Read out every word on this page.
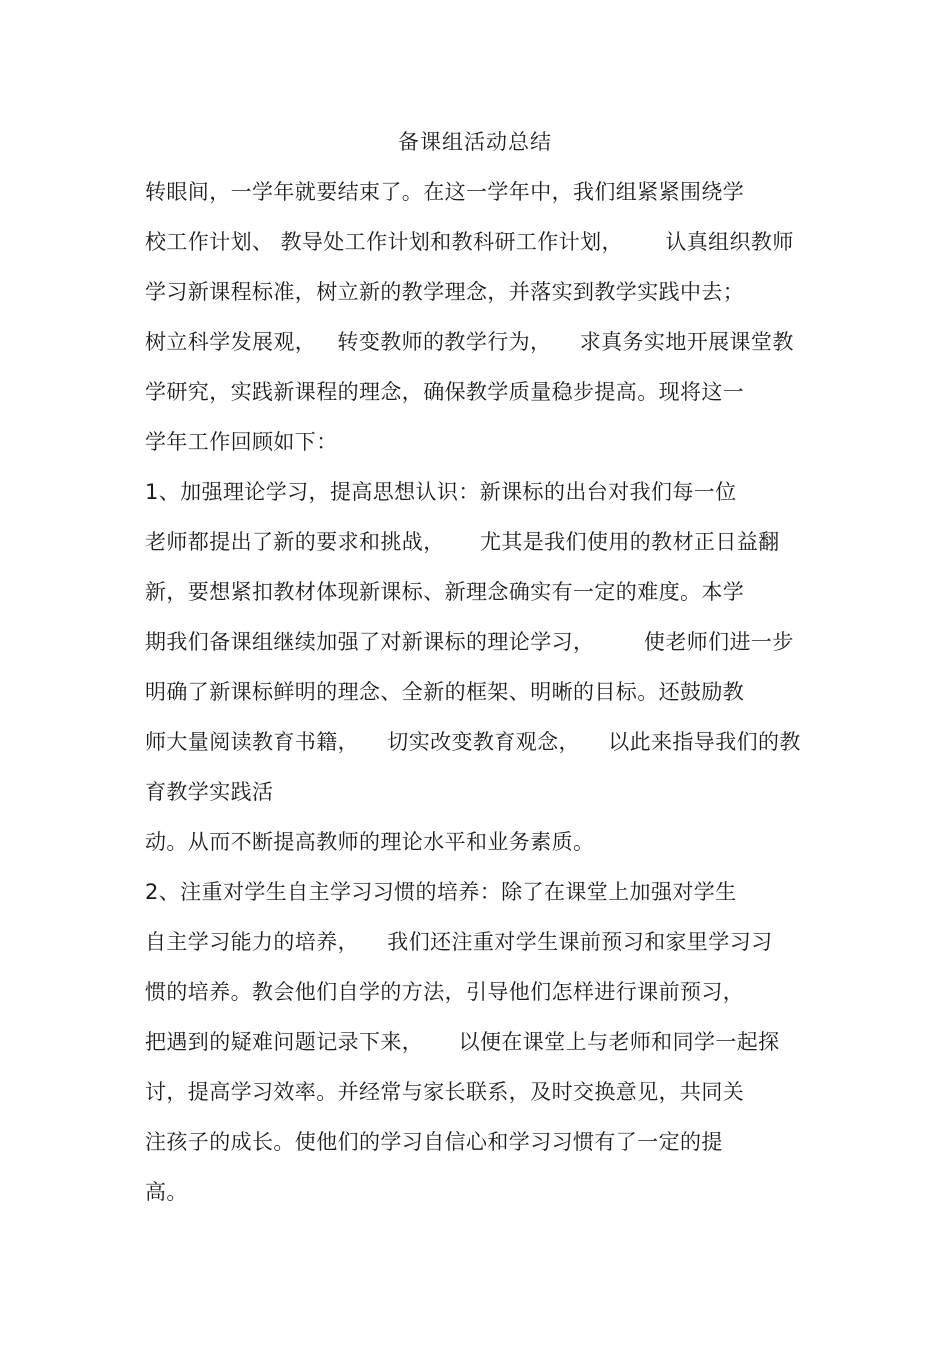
备课组活动总结
转眼间，一学年就要结束了。在这一学年中，我们组紧紧围绕学
校工作计划、 教导处工作计划和教科研工作计划，      认真组织教师
学习新课程标准，树立新的教学理念，并落实到教学实践中去；
树立科学发展观，   转变教师的教学行为，    求真务实地开展课堂教
学研究，实践新课程的理念，确保教学质量稳步提高。现将这一
学年工作回顾如下：
1、加强理论学习，提高思想认识：新课标的出台对我们每一位
老师都提出了新的要求和挑战，     尤其是我们使用的教材正日益翻
新，要想紧扣教材体现新课标、新理念确实有一定的难度。本学
期我们备课组继续加强了对新课标的理论学习，       使老师们进一步
明确了新课标鲜明的理念、全新的框架、明晰的目标。还鼓励教
师大量阅读教育书籍，    切实改变教育观念，    以此来指导我们的教
育教学实践活
动。从而不断提高教师的理论水平和业务素质。
2、注重对学生自主学习习惯的培养：除了在课堂上加强对学生
自主学习能力的培养，    我们还注重对学生课前预习和家里学习习
惯的培养。教会他们自学的方法，引导他们怎样进行课前预习，
把遇到的疑难问题记录下来，     以便在课堂上与老师和同学一起探
讨，提高学习效率。并经常与家长联系，及时交换意见，共同关
注孩子的成长。使他们的学习自信心和学习习惯有了一定的提
高。
